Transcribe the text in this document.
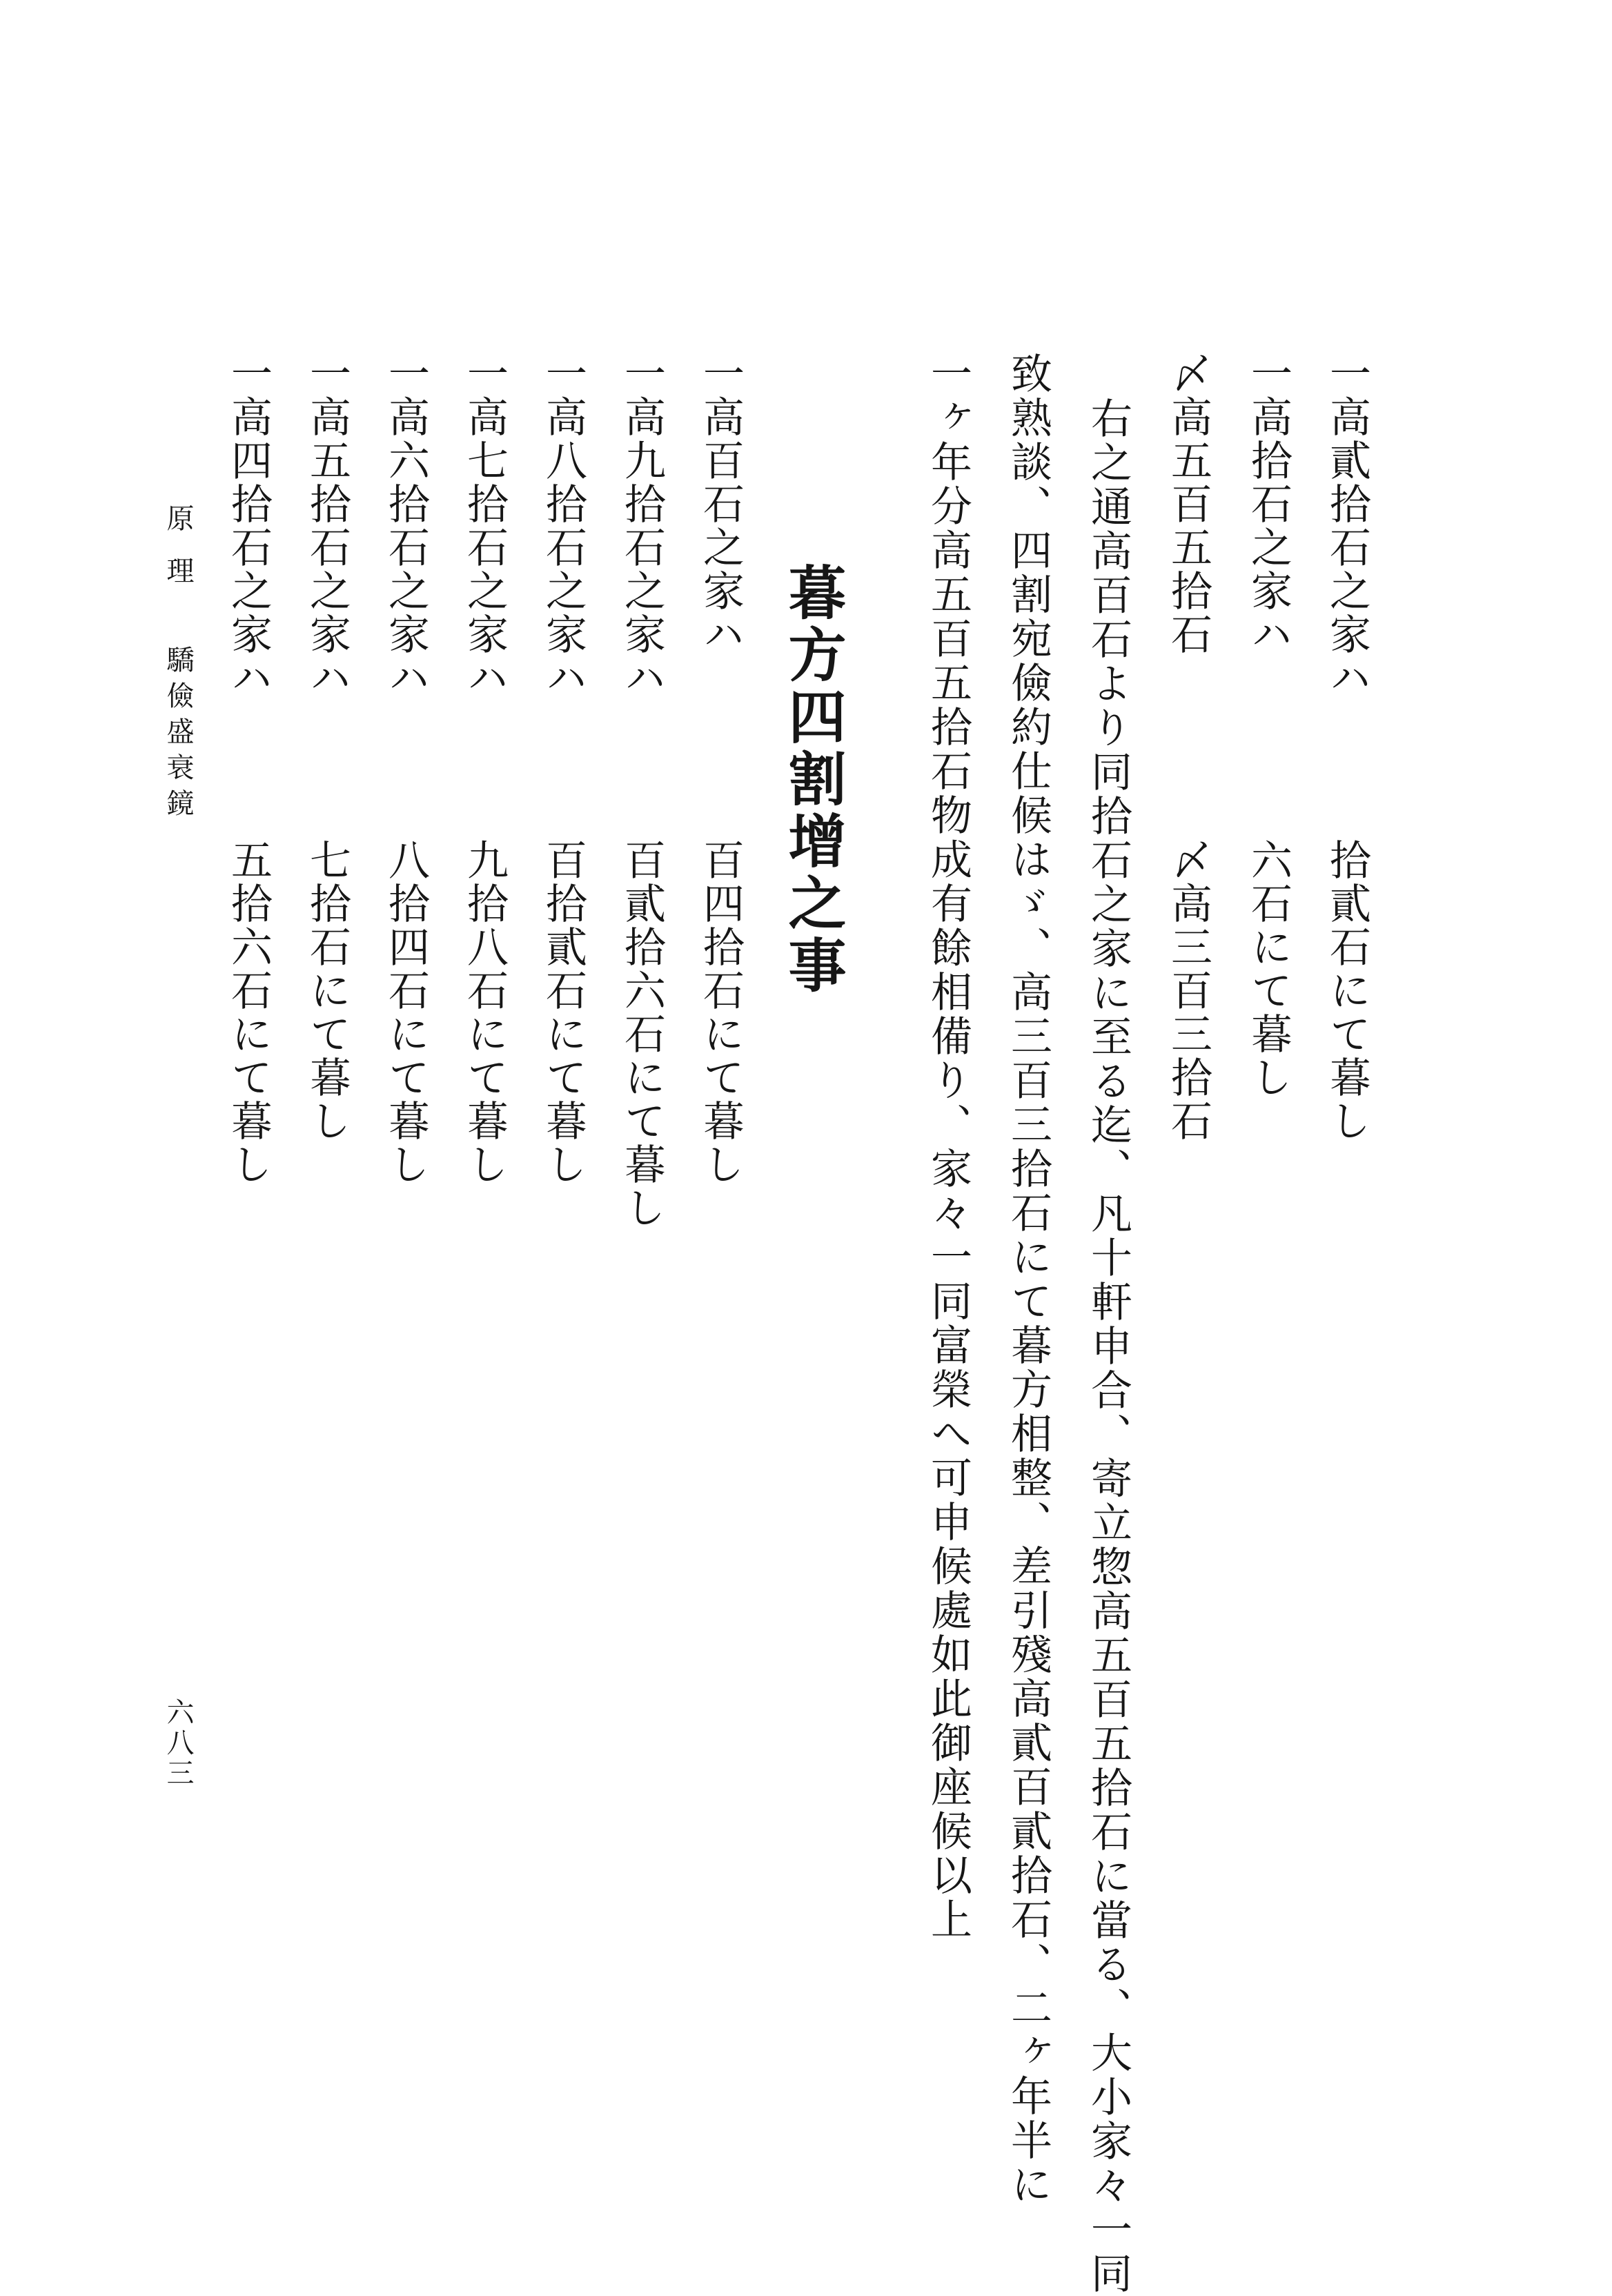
一高貳拾石之家ハ
拾貳石にて暮し
一高拾石之家ハ
六石にて暮し
〆高五百五拾石
〆高三百三拾石
右之通高百石より同拾石之家に至る迄、凡十軒申合、寄立惣高五百五拾石に當る、大小家々一同
致熟談、四割宛儉約仕候はゞ、高三百三拾石にて暮方相整、差引殘高貳百貳拾石、二ヶ年半に
一ヶ年分高五百五拾石物成有餘相備り、家々一同富榮へ可申候處如此御座候以上
暮方四割增之事
一高百石之家ハ
百四拾石にて暮し
一高九拾石之家ハ
百貳拾六石にて暮し
一高八拾石之家ハ
百拾貳石にて暮し
一高七拾石之家ハ
九拾八石にて暮し
一高六拾石之家ハ
八拾四石にて暮し
一高五拾石之家ハ
七拾石にて暮し
一高四拾石之家ハ
五拾六石にて暮し
原理
驕儉盛衰鏡
六八三
